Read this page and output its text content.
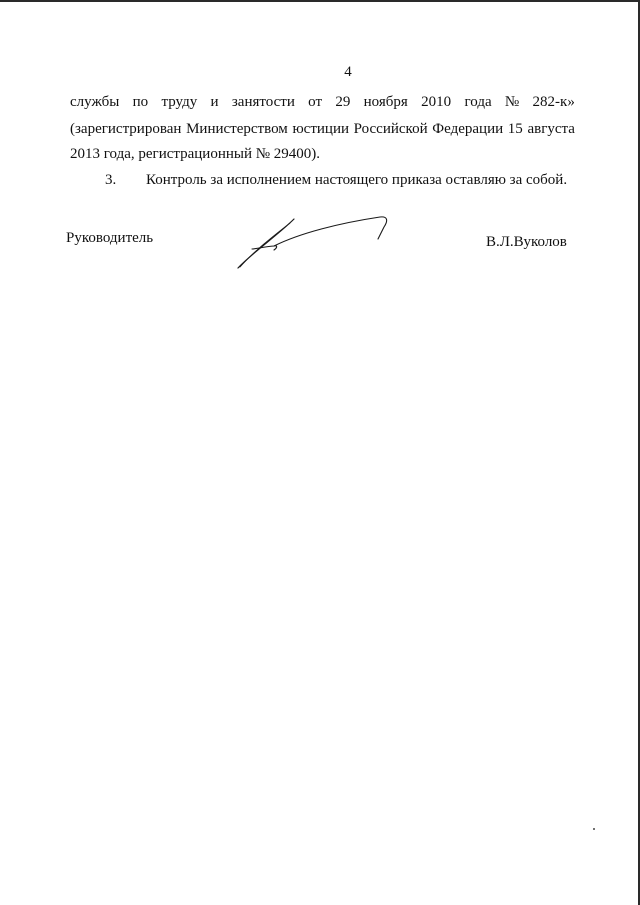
4
службы по труду и занятости от 29 ноября 2010 года № 282-к»
(зарегистрирован Министерством юстиции Российской Федерации 15 августа
2013 года, регистрационный № 29400).
3. Контроль за исполнением настоящего приказа оставляю за собой.
Руководитель	В.Л.Вуколов
